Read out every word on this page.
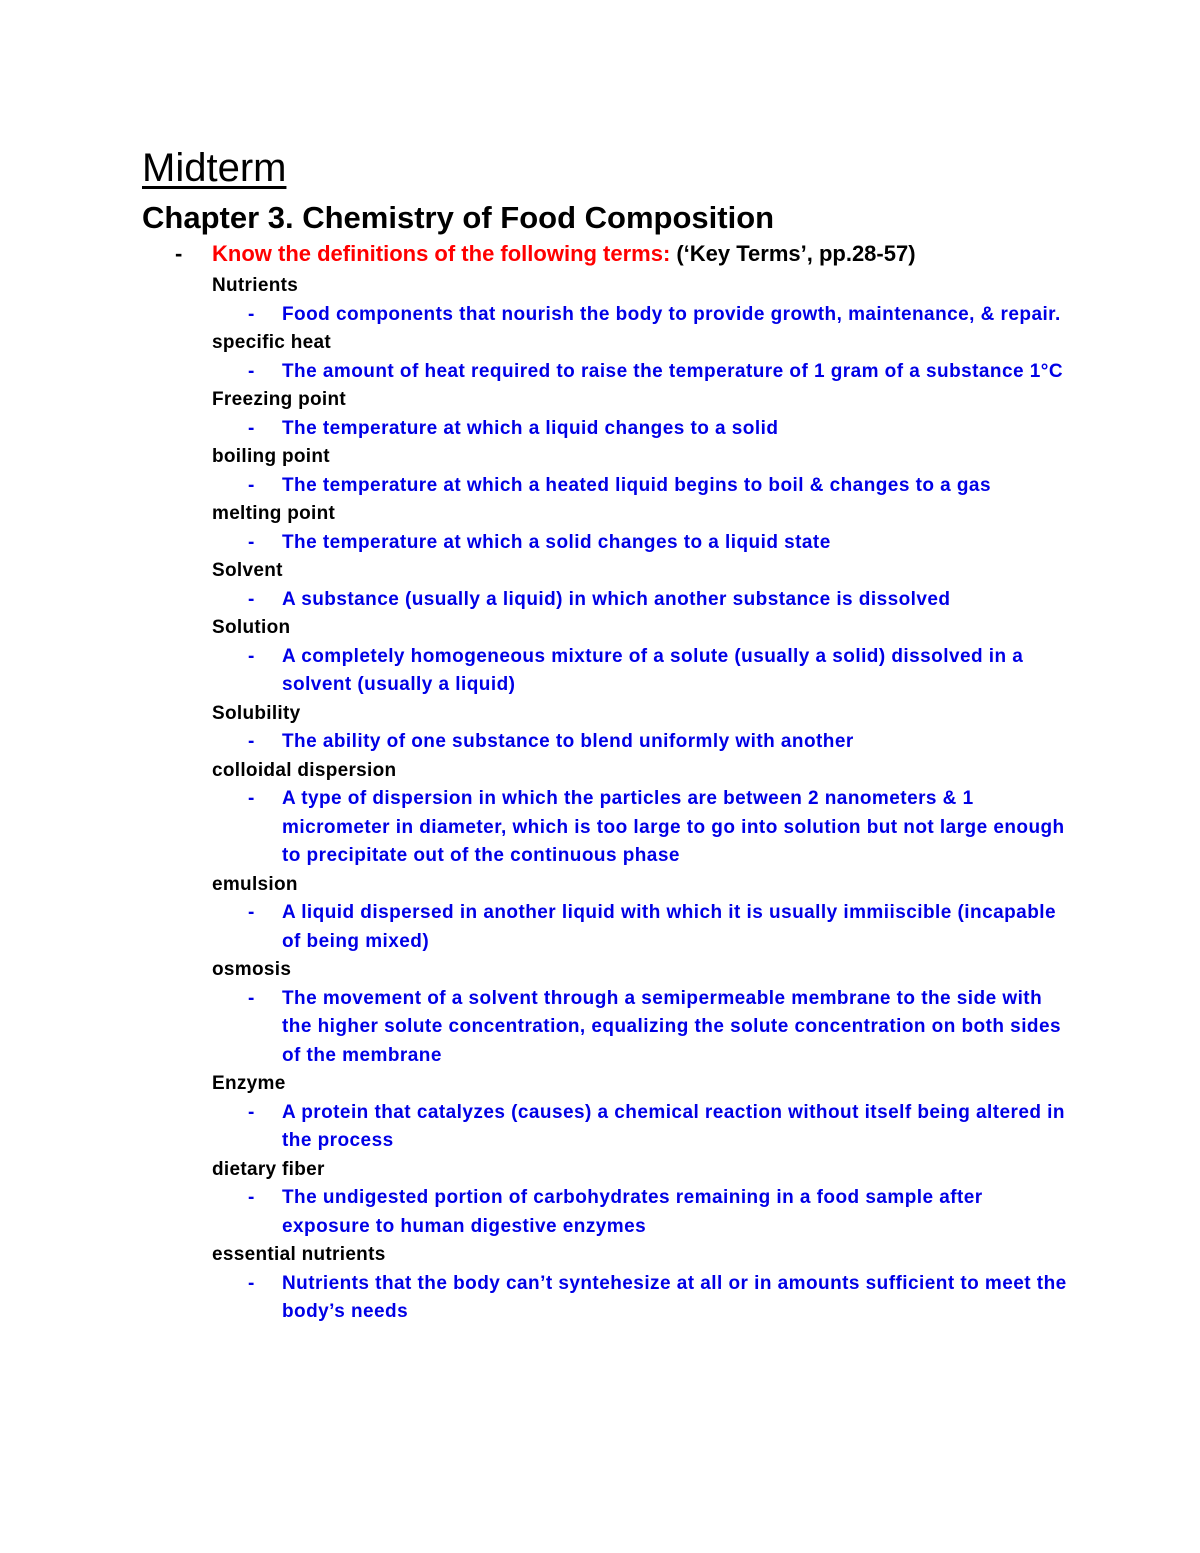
Midterm
Chapter 3. Chemistry of Food Composition
-	Know the definitions of the following terms: (‘Key Terms’, pp.28-57)
Nutrients
-	Food components that nourish the body to provide growth, maintenance, & repair.
specific heat
-	The amount of heat required to raise the temperature of 1 gram of a substance 1°C
Freezing point
-	The temperature at which a liquid changes to a solid
boiling point
-	The temperature at which a heated liquid begins to boil & changes to a gas
melting point
-	The temperature at which a solid changes to a liquid state
Solvent
-	A substance (usually a liquid) in which another substance is dissolved
Solution
-	A completely homogeneous mixture of a solute (usually a solid) dissolved in a solvent (usually a liquid)
Solubility
-	The ability of one substance to blend uniformly with another
colloidal dispersion
-	A type of dispersion in which the particles are between 2 nanometers & 1 micrometer in diameter, which is too large to go into solution but not large enough to precipitate out of the continuous phase
emulsion
-	A liquid dispersed in another liquid with which it is usually immiiscible (incapable of being mixed)
osmosis
-	The movement of a solvent through a semipermeable membrane to the side with the higher solute concentration, equalizing the solute concentration on both sides of the membrane
Enzyme
-	A protein that catalyzes (causes) a chemical reaction without itself being altered in the process
dietary fiber
-	The undigested portion of carbohydrates remaining in a food sample after exposure to human digestive enzymes
essential nutrients
-	Nutrients that the body can’t syntehesize at all or in amounts sufficient to meet the body’s needs
